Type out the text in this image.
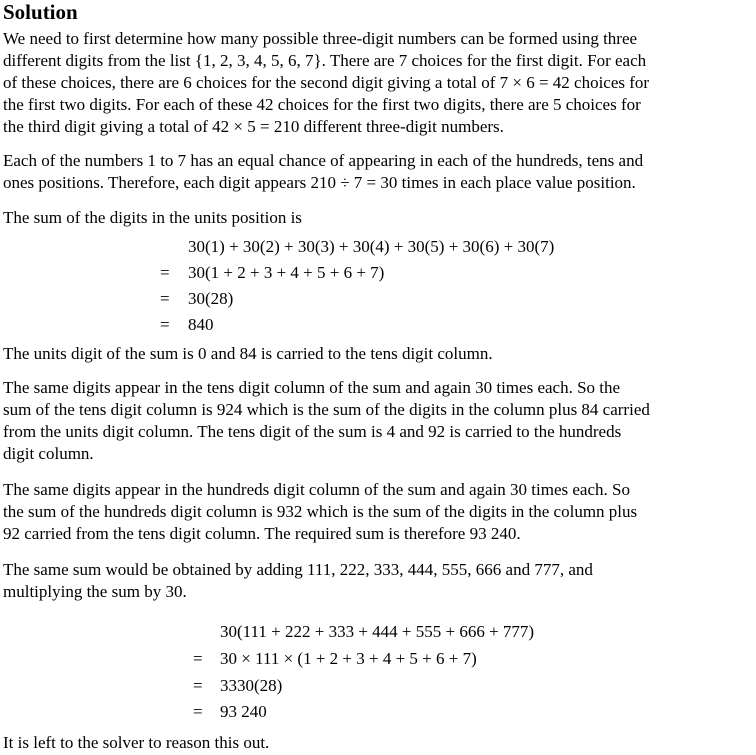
Solution
We need to first determine how many possible three-digit numbers can be formed using three
different digits from the list {1, 2, 3, 4, 5, 6, 7}. There are 7 choices for the first digit. For each
of these choices, there are 6 choices for the second digit giving a total of 7 × 6 = 42 choices for
the first two digits. For each of these 42 choices for the first two digits, there are 5 choices for
the third digit giving a total of 42 × 5 = 210 different three-digit numbers.
Each of the numbers 1 to 7 has an equal chance of appearing in each of the hundreds, tens and
ones positions. Therefore, each digit appears 210 ÷ 7 = 30 times in each place value position.
The sum of the digits in the units position is
30(1) + 30(2) + 30(3) + 30(4) + 30(5) + 30(6) + 30(7)
= 30(1 + 2 + 3 + 4 + 5 + 6 + 7)
= 30(28)
= 840
The units digit of the sum is 0 and 84 is carried to the tens digit column.
The same digits appear in the tens digit column of the sum and again 30 times each. So the
sum of the tens digit column is 924 which is the sum of the digits in the column plus 84 carried
from the units digit column. The tens digit of the sum is 4 and 92 is carried to the hundreds
digit column.
The same digits appear in the hundreds digit column of the sum and again 30 times each. So
the sum of the hundreds digit column is 932 which is the sum of the digits in the column plus
92 carried from the tens digit column. The required sum is therefore 93 240.
The same sum would be obtained by adding 111, 222, 333, 444, 555, 666 and 777, and
multiplying the sum by 30.
30(111 + 222 + 333 + 444 + 555 + 666 + 777)
= 30 × 111 × (1 + 2 + 3 + 4 + 5 + 6 + 7)
= 3330(28)
= 93 240
It is left to the solver to reason this out.
